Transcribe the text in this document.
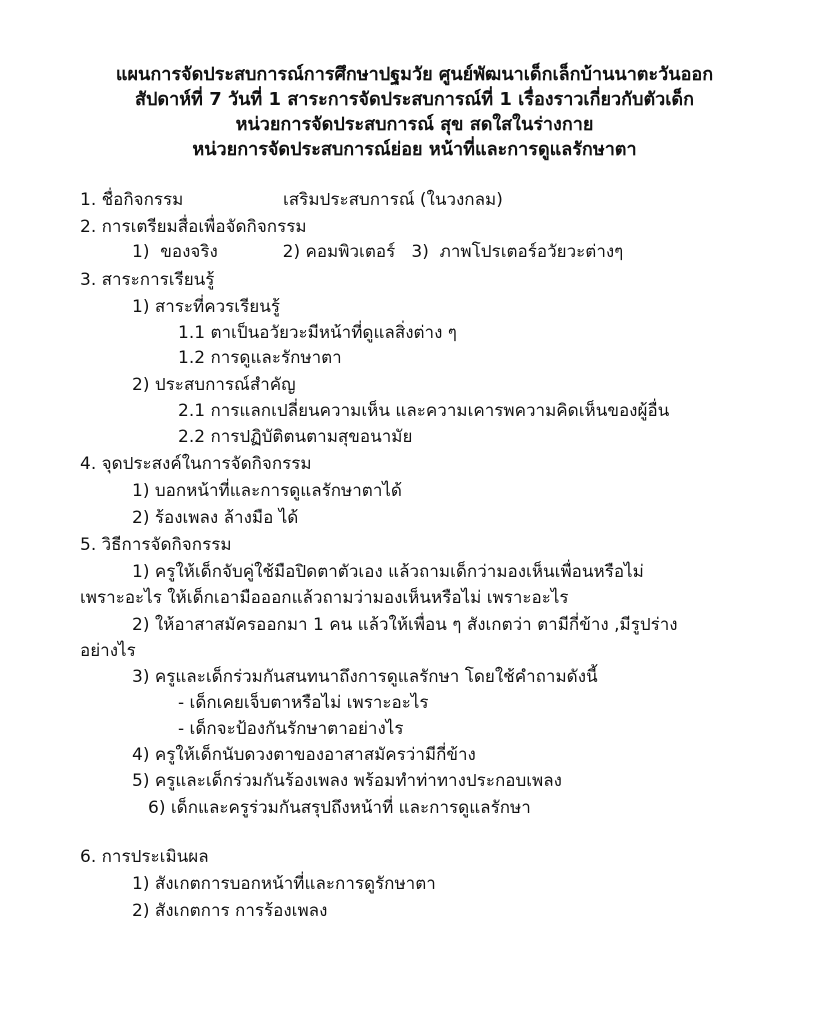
แผนการจัดประสบการณ์การศึกษาปฐมวัย ศูนย์พัฒนาเด็กเล็กบ้านนาตะวันออก
สัปดาห์ที่ 7 วันที่ 1 สาระการจัดประสบการณ์ที่ 1 เรื่องราวเกี่ยวกับตัวเด็ก
หน่วยการจัดประสบการณ์ สุข สดใสในร่างกาย
หน่วยการจัดประสบการณ์ย่อย หน้าที่และการดูแลรักษาตา
1. ชื่อกิจกรรม	เสริมประสบการณ์ (ในวงกลม)
2. การเตรียมสื่อเพื่อจัดกิจกรรม
1)  ของจริง            2) คอมพิวเตอร์   3)  ภาพโปรเตอร์อวัยวะต่างๆ
3. สาระการเรียนรู้
1) สาระที่ควรเรียนรู้
1.1 ตาเป็นอวัยวะมีหน้าที่ดูแลสิ่งต่าง ๆ
1.2 การดูและรักษาตา
2) ประสบการณ์สำคัญ
2.1 การแลกเปลี่ยนความเห็น และความเคารพความคิดเห็นของผู้อื่น
2.2 การปฏิบัติตนตามสุขอนามัย
4. จุดประสงค์ในการจัดกิจกรรม
1) บอกหน้าที่และการดูแลรักษาตาได้
2) ร้องเพลง ล้างมือ ได้
5. วิธีการจัดกิจกรรม
1) ครูให้เด็กจับคู่ใช้มือปิดตาตัวเอง แล้วถามเด็กว่ามองเห็นเพื่อนหรือไม่
เพราะอะไร ให้เด็กเอามือออกแล้วถามว่ามองเห็นหรือไม่ เพราะอะไร
2) ให้อาสาสมัครออกมา 1 คน แล้วให้เพื่อน ๆ สังเกตว่า ตามีกี่ข้าง ,มีรูปร่าง
อย่างไร
3) ครูและเด็กร่วมกันสนทนาถึงการดูแลรักษา โดยใช้คำถามดังนี้
- เด็กเคยเจ็บตาหรือไม่ เพราะอะไร
- เด็กจะป้องกันรักษาตาอย่างไร
4) ครูให้เด็กนับดวงตาของอาสาสมัครว่ามีกี่ข้าง
5) ครูและเด็กร่วมกันร้องเพลง พร้อมทำท่าทางประกอบเพลง
6) เด็กและครูร่วมกันสรุปถึงหน้าที่ และการดูแลรักษา
6. การประเมินผล
1) สังเกตการบอกหน้าที่และการดูรักษาตา
2) สังเกตการ การร้องเพลง
